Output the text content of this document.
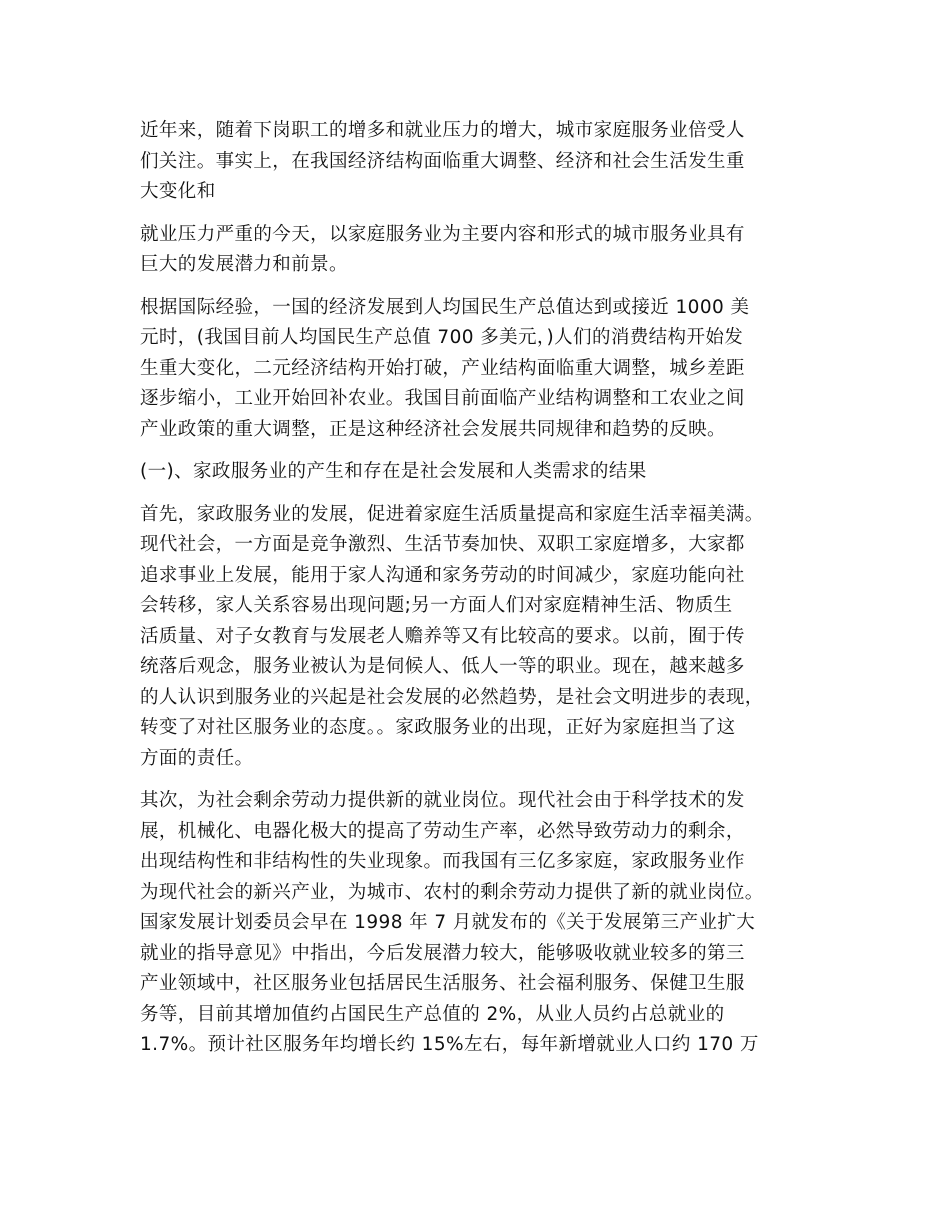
近年来，随着下岗职工的增多和就业压力的增大，城市家庭服务业倍受人
们关注。事实上，在我国经济结构面临重大调整、经济和社会生活发生重
大变化和
就业压力严重的今天，以家庭服务业为主要内容和形式的城市服务业具有
巨大的发展潜力和前景。
根据国际经验，一国的经济发展到人均国民生产总值达到或接近 1000 美
元时，(我国目前人均国民生产总值 700 多美元，)人们的消费结构开始发
生重大变化，二元经济结构开始打破，产业结构面临重大调整，城乡差距
逐步缩小，工业开始回补农业。我国目前面临产业结构调整和工农业之间
产业政策的重大调整，正是这种经济社会发展共同规律和趋势的反映。
(一)、家政服务业的产生和存在是社会发展和人类需求的结果
首先，家政服务业的发展，促进着家庭生活质量提高和家庭生活幸福美满。
现代社会，一方面是竞争激烈、生活节奏加快、双职工家庭增多，大家都
追求事业上发展，能用于家人沟通和家务劳动的时间减少，家庭功能向社
会转移，家人关系容易出现问题;另一方面人们对家庭精神生活、物质生
活质量、对子女教育与发展老人赡养等又有比较高的要求。以前，囿于传
统落后观念，服务业被认为是伺候人、低人一等的职业。现在，越来越多
的人认识到服务业的兴起是社会发展的必然趋势，是社会文明进步的表现，
转变了对社区服务业的态度。。家政服务业的出现，正好为家庭担当了这
方面的责任。
其次，为社会剩余劳动力提供新的就业岗位。现代社会由于科学技术的发
展，机械化、电器化极大的提高了劳动生产率，必然导致劳动力的剩余，
出现结构性和非结构性的失业现象。而我国有三亿多家庭，家政服务业作
为现代社会的新兴产业，为城市、农村的剩余劳动力提供了新的就业岗位。
国家发展计划委员会早在 1998 年 7 月就发布的《关于发展第三产业扩大
就业的指导意见》中指出，今后发展潜力较大，能够吸收就业较多的第三
产业领域中，社区服务业包括居民生活服务、社会福利服务、保健卫生服
务等，目前其增加值约占国民生产总值的 2%，从业人员约占总就业的
1.7%。预计社区服务年均增长约 15%左右，每年新增就业人口约 170 万
